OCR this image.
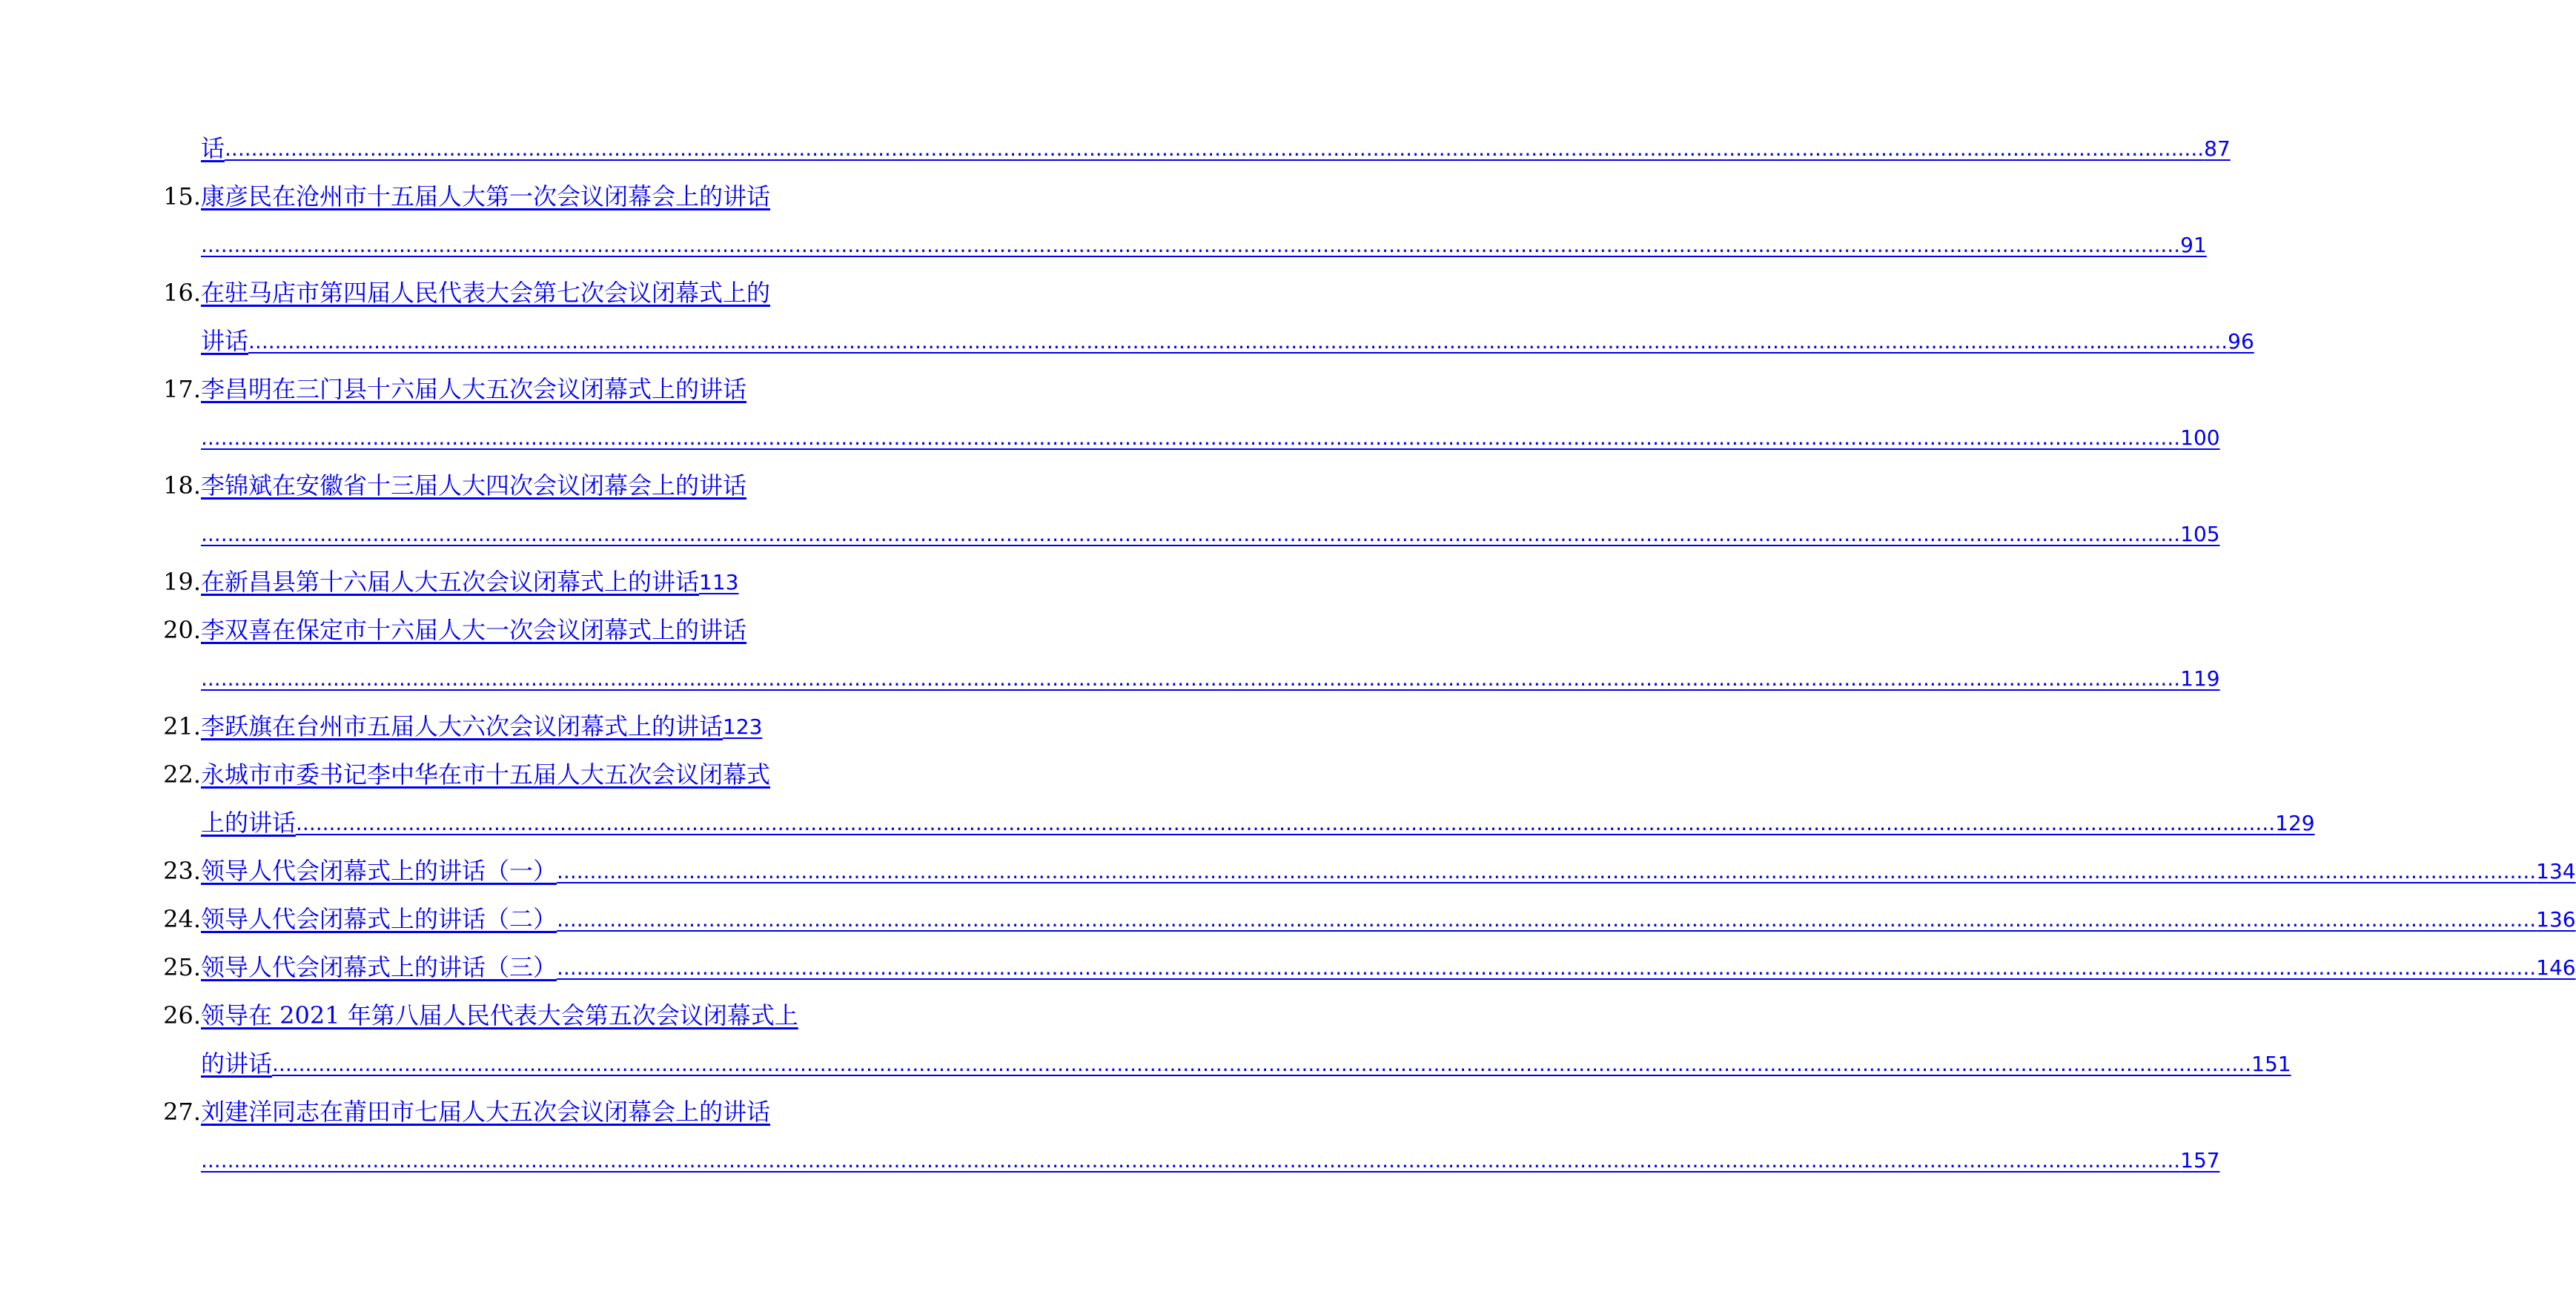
话 ............................................................................................................................................................................................................................................................................................................ 87
15. 康彦民在沧州市十五届人大第一次会议闭幕会上的讲话
............................................................................................................................................................................................................................................................................................................ 91
16. 在驻马店市第四届人民代表大会第七次会议闭幕式上的
讲话 ............................................................................................................................................................................................................................................................................................................ 96
17. 李昌明在三门县十六届人大五次会议闭幕式上的讲话
............................................................................................................................................................................................................................................................................................................ 100
18. 李锦斌在安徽省十三届人大四次会议闭幕会上的讲话
............................................................................................................................................................................................................................................................................................................ 105
19. 在新昌县第十六届人大五次会议闭幕式上的讲话 113
20. 李双喜在保定市十六届人大一次会议闭幕式上的讲话
............................................................................................................................................................................................................................................................................................................ 119
21. 李跃旗在台州市五届人大六次会议闭幕式上的讲话 123
22. 永城市市委书记李中华在市十五届人大五次会议闭幕式
上的讲话 ............................................................................................................................................................................................................................................................................................................ 129
23. 领导人代会闭幕式上的讲话（一） ............................................................................................................................................................................................................................................................................................................ 134
24. 领导人代会闭幕式上的讲话（二） ............................................................................................................................................................................................................................................................................................................ 136
25. 领导人代会闭幕式上的讲话（三） ............................................................................................................................................................................................................................................................................................................ 146
26. 领导在 2021 年第八届人民代表大会第五次会议闭幕式上
的讲话 ............................................................................................................................................................................................................................................................................................................ 151
27. 刘建洋同志在莆田市七届人大五次会议闭幕会上的讲话
............................................................................................................................................................................................................................................................................................................ 157
